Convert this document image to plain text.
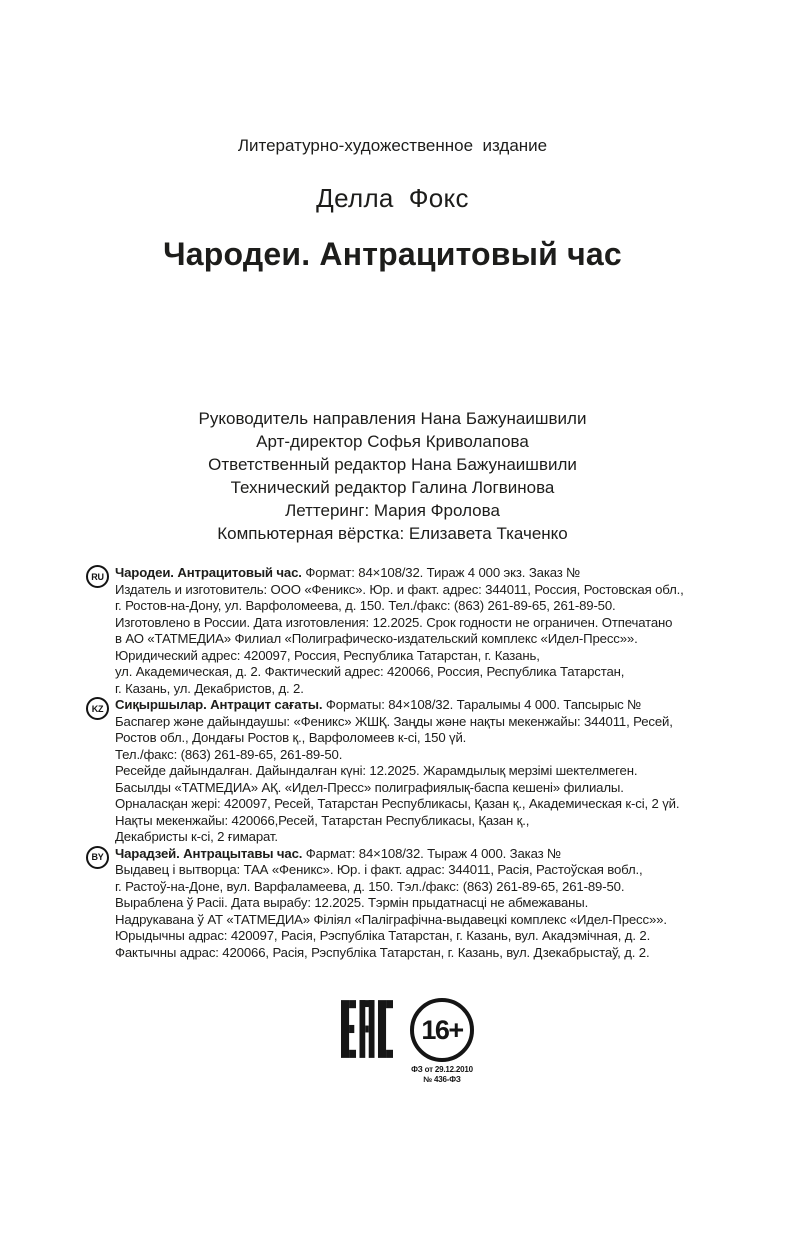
Литературно-художественное  издание
Делла  Фокс
Чародеи. Антрацитовый час
Руководитель направления Нана Бажунаишвили
Арт-директор Софья Криволапова
Ответственный редактор Нана Бажунаишвили
Технический редактор Галина Логвинова
Леттеринг: Мария Фролова
Компьютерная вёрстка: Елизавета Ткаченко
RU Чародеи. Антрацитовый час. Формат: 84×108/32. Тираж 4 000 экз. Заказ №
Издатель и изготовитель: ООО «Феникс». Юр. и факт. адрес: 344011, Россия, Ростовская обл.,
г. Ростов-на-Дону, ул. Варфоломеева, д. 150. Тел./факс: (863) 261-89-65, 261-89-50.
Изготовлено в России. Дата изготовления: 12.2025. Срок годности не ограничен. Отпечатано
в АО «ТАТМЕДИА» Филиал «Полиграфическо-издательский комплекс «Идел-Пресс»».
Юридический адрес: 420097, Россия, Республика Татарстан, г. Казань,
ул. Академическая, д. 2. Фактический адрес: 420066, Россия, Республика Татарстан,
г. Казань, ул. Декабристов, д. 2.
KZ Сиқыршылар. Антрацит сағаты. Форматы: 84×108/32. Таралымы 4 000. Тапсырыс №
Баспагер және дайындаушы: «Феникс» ЖШҚ. Заңды және нақты мекенжайы: 344011, Ресей,
Ростов обл., Дондағы Ростов қ., Варфоломеев к-сі, 150 үй.
Тел./факс: (863) 261-89-65, 261-89-50.
Ресейде дайындалған. Дайындалған күні: 12.2025. Жарамдылық мерзімі шектелмеген.
Басылды «ТАТМЕДИА» АҚ. «Идел-Пресс» полиграфиялық-баспа кешені» филиалы.
Орналасқан жері: 420097, Ресей, Татарстан Республикасы, Қазан қ., Академическая к-сі, 2 үй.
Нақты мекенжайы: 420066,Ресей, Татарстан Республикасы, Қазан қ.,
Декабристы к-сі, 2 ғимарат.
BY Чарадзей. Антрацытавы час. Фармат: 84×108/32. Тыраж 4 000. Заказ №
Выдавец і вытворца: ТАА «Феникс». Юр. і факт. адрас: 344011, Расія, Растоўская вобл.,
г. Растоў-на-Доне, вул. Варфаламеева, д. 150. Тэл./факс: (863) 261-89-65, 261-89-50.
Выраблена ў Расіі. Дата вырабу: 12.2025. Тэрмін прыдатнасці не абмежаваны.
Надрукавана ў АТ «ТАТМЕДИА» Філіял «Паліграфічна-выдавецкі комплекс «Идел-Пресс»».
Юрыдычны адрас: 420097, Расія, Рэспубліка Татарстан, г. Казань, вул. Акадэмічная, д. 2.
Фактычны адрас: 420066, Расія, Рэспубліка Татарстан, г. Казань, вул. Дзекабрыстаў, д. 2.
16+
ФЗ от 29.12.2010
№ 436-ФЗ
